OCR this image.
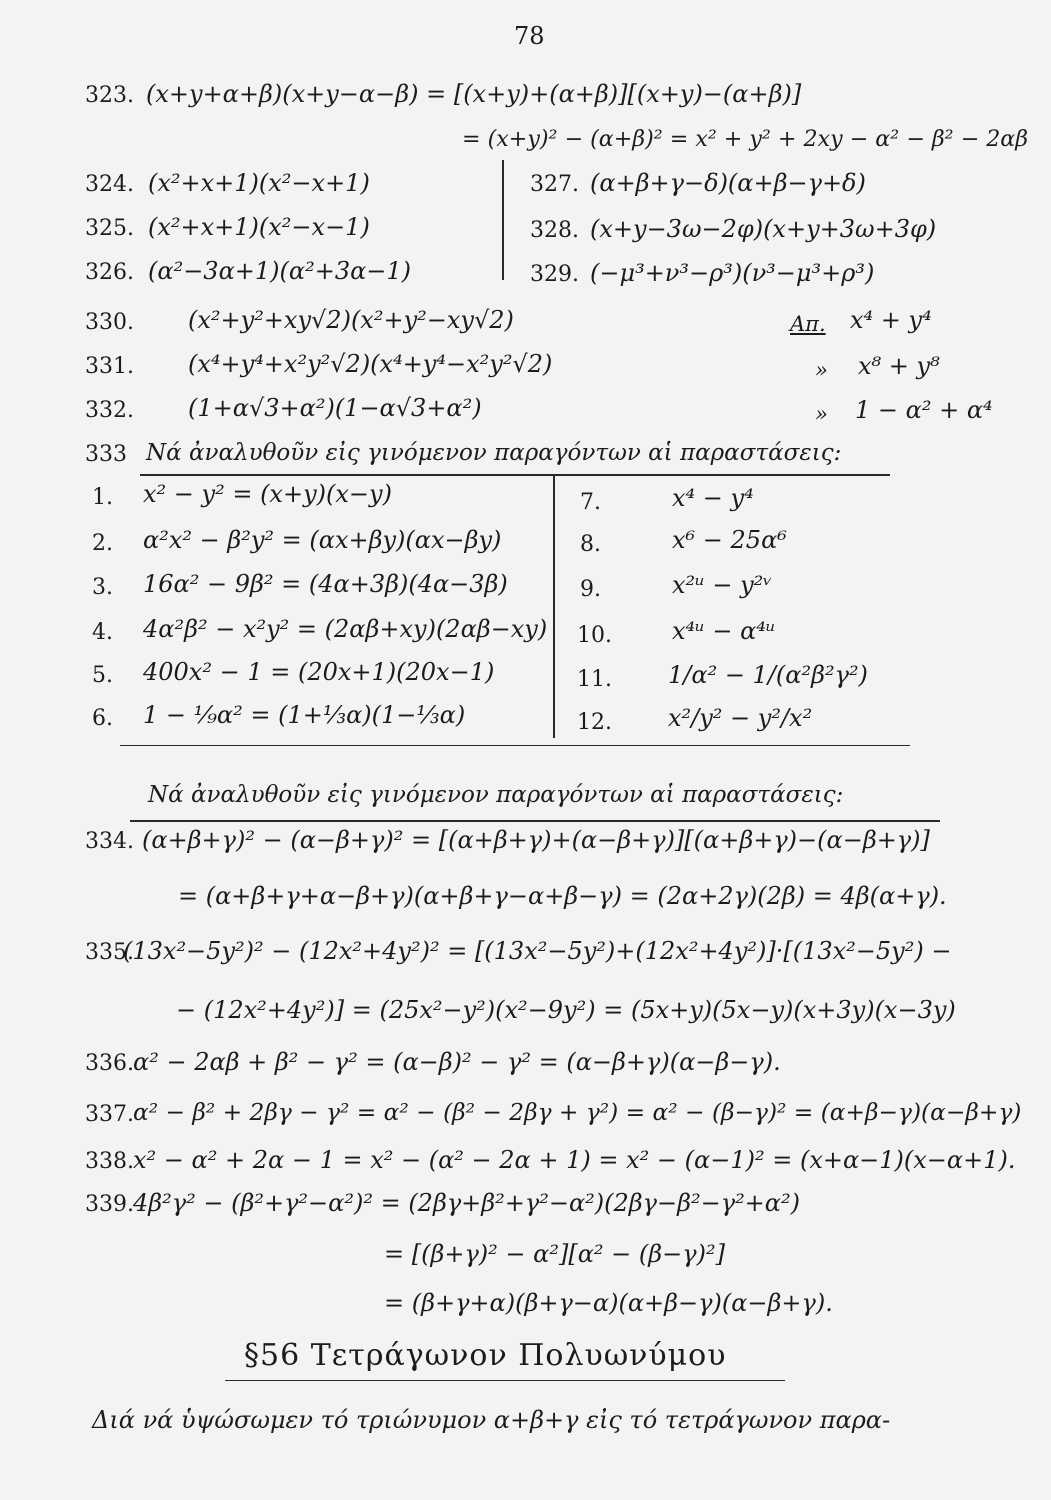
78
323. (x+y+α+β)(x+y−α−β) = [(x+y)+(α+β)][(x+y)−(α+β)]
= (x+y)² − (α+β)² = x² + y² + 2xy − α² − β² − 2αβ
324. (x²+x+1)(x²−x+1)
325. (x²+x+1)(x²−x−1)
326. (α²−3α+1)(α²+3α−1)
327. (α+β+γ−δ)(α+β−γ+δ)
328. (x+y−3ω−2φ)(x+y+3ω+3φ)
329. (−μ³+ν³−ρ³)(ν³−μ³+ρ³)
330. (x²+y²+xy√2)(x²+y²−xy√2)	Απ. x⁴ + y⁴
331. (x⁴+y⁴+x²y²√2)(x⁴+y⁴−x²y²√2)	» x⁸ + y⁸
332. (1+α√3+α²)(1−α√3+α²)	» 1 − α² + α⁴
333 Νά ἀναλυθοῦν εἰς γινόμενον παραγόντων αἱ παραστάσεις:
1. x² − y² = (x+y)(x−y)
2. α²x² − β²y² = (αx+βy)(αx−βy)
3. 16α² − 9β² = (4α+3β)(4α−3β)
4. 4α²β² − x²y² = (2αβ+xy)(2αβ−xy)
5. 400x² − 1 = (20x+1)(20x−1)
6. 1 − ¹⁄₉α² = (1+⅓α)(1−⅓α)
7.	x⁴ − y⁴
8.	x⁶ − 25α⁶
9.	x²ᵘ − y²ᵛ
10.	x⁴ᵘ − α⁴ᵘ
11. 1/α² − 1/(α²β²γ²)
12. x²/y² − y²/x²
Νά ἀναλυθοῦν εἰς γινόμενον παραγόντων αἱ παραστάσεις:
334. (α+β+γ)² − (α−β+γ)² = [(α+β+γ)+(α−β+γ)][(α+β+γ)−(α−β+γ)]
= (α+β+γ+α−β+γ)(α+β+γ−α+β−γ) = (2α+2γ)(2β) = 4β(α+γ).
335.
(13x²−5y²)² − (12x²+4y²)² = [(13x²−5y²)+(12x²+4y²)]·[(13x²−5y²) −
− (12x²+4y²)] = (25x²−y²)(x²−9y²) = (5x+y)(5x−y)(x+3y)(x−3y)
336. α² − 2αβ + β² − γ² = (α−β)² − γ² = (α−β+γ)(α−β−γ).
337. α² − β² + 2βγ − γ² = α² − (β² − 2βγ + γ²) = α² − (β−γ)² = (α+β−γ)(α−β+γ)
338. x² − α² + 2α − 1 = x² − (α² − 2α + 1) = x² − (α−1)² = (x+α−1)(x−α+1).
339. 4β²γ² − (β²+γ²−α²)² = (2βγ+β²+γ²−α²)(2βγ−β²−γ²+α²)
= [(β+γ)² − α²][α² − (β−γ)²]
= (β+γ+α)(β+γ−α)(α+β−γ)(α−β+γ).
§56 Τετράγωνον Πολυωνύμου
Διά νά ὑψώσωμεν τό τριώνυμον α+β+γ εἰς τό τετράγωνον παρα-
